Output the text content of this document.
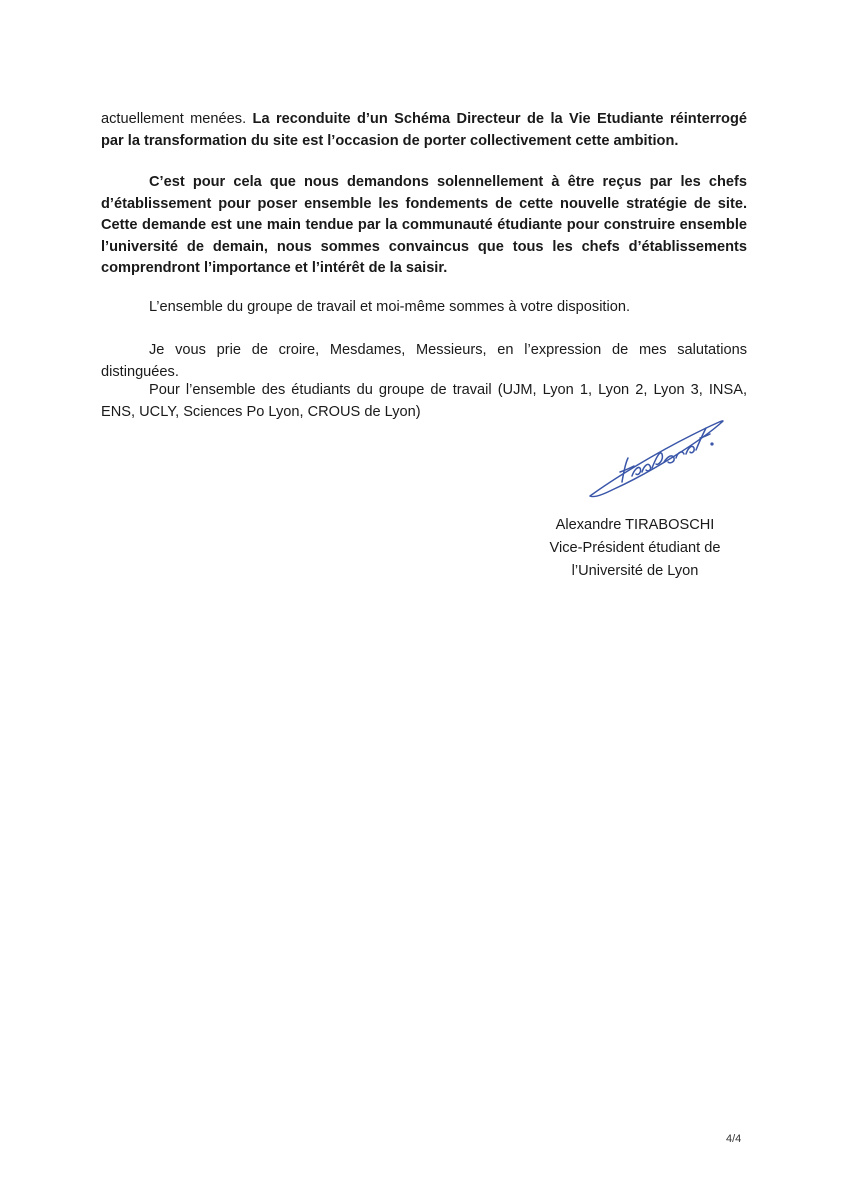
actuellement menées. La reconduite d’un Schéma Directeur de la Vie Etudiante réinterrogé par la transformation du site est l’occasion de porter collectivement cette ambition.

C’est pour cela que nous demandons solennellement à être reçus par les chefs d’établissement pour poser ensemble les fondements de cette nouvelle stratégie de site. Cette demande est une main tendue par la communauté étudiante pour construire ensemble l’université de demain, nous sommes convaincus que tous les chefs d’établissements comprendront l’importance et l’intérêt de la saisir.

L’ensemble du groupe de travail et moi-même sommes à votre disposition.

Je vous prie de croire, Mesdames, Messieurs, en l’expression de mes salutations distinguées.

Pour l’ensemble des étudiants du groupe de travail (UJM, Lyon 1, Lyon 2, Lyon 3, INSA, ENS, UCLY, Sciences Po Lyon, CROUS de Lyon)

Alexandre TIRABOSCHI
Vice-Président étudiant de
l’Université de Lyon
4/4
